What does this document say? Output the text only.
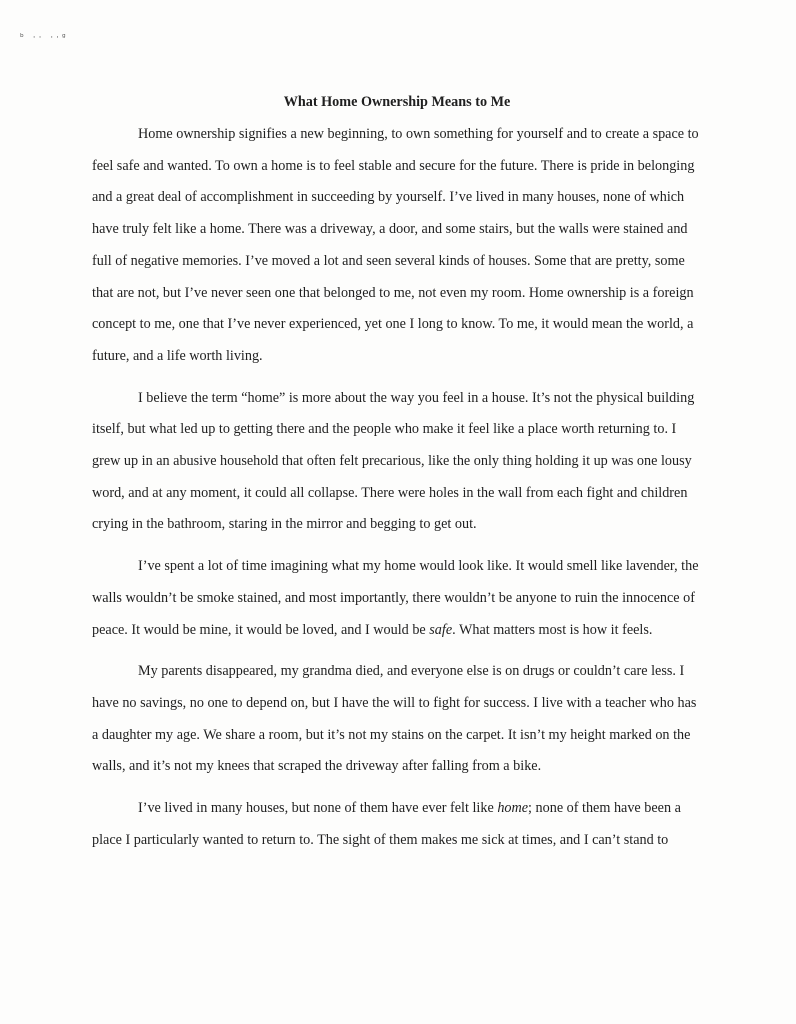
ᵇ ·· ··ᵍ
What Home Ownership Means to Me

Home ownership signifies a new beginning, to own something for yourself and to create a space to feel safe and wanted. To own a home is to feel stable and secure for the future. There is pride in belonging and a great deal of accomplishment in succeeding by yourself. I’ve lived in many houses, none of which have truly felt like a home. There was a driveway, a door, and some stairs, but the walls were stained and full of negative memories. I’ve moved a lot and seen several kinds of houses. Some that are pretty, some that are not, but I’ve never seen one that belonged to me, not even my room. Home ownership is a foreign concept to me, one that I’ve never experienced, yet one I long to know. To me, it would mean the world, a future, and a life worth living.

I believe the term “home” is more about the way you feel in a house. It’s not the physical building itself, but what led up to getting there and the people who make it feel like a place worth returning to. I grew up in an abusive household that often felt precarious, like the only thing holding it up was one lousy word, and at any moment, it could all collapse. There were holes in the wall from each fight and children crying in the bathroom, staring in the mirror and begging to get out.

I’ve spent a lot of time imagining what my home would look like. It would smell like lavender, the walls wouldn’t be smoke stained, and most importantly, there wouldn’t be anyone to ruin the innocence of peace. It would be mine, it would be loved, and I would be safe. What matters most is how it feels.

My parents disappeared, my grandma died, and everyone else is on drugs or couldn’t care less. I have no savings, no one to depend on, but I have the will to fight for success. I live with a teacher who has a daughter my age. We share a room, but it’s not my stains on the carpet. It isn’t my height marked on the walls, and it’s not my knees that scraped the driveway after falling from a bike.

I’ve lived in many houses, but none of them have ever felt like home; none of them have been a place I particularly wanted to return to. The sight of them makes me sick at times, and I can’t stand to
